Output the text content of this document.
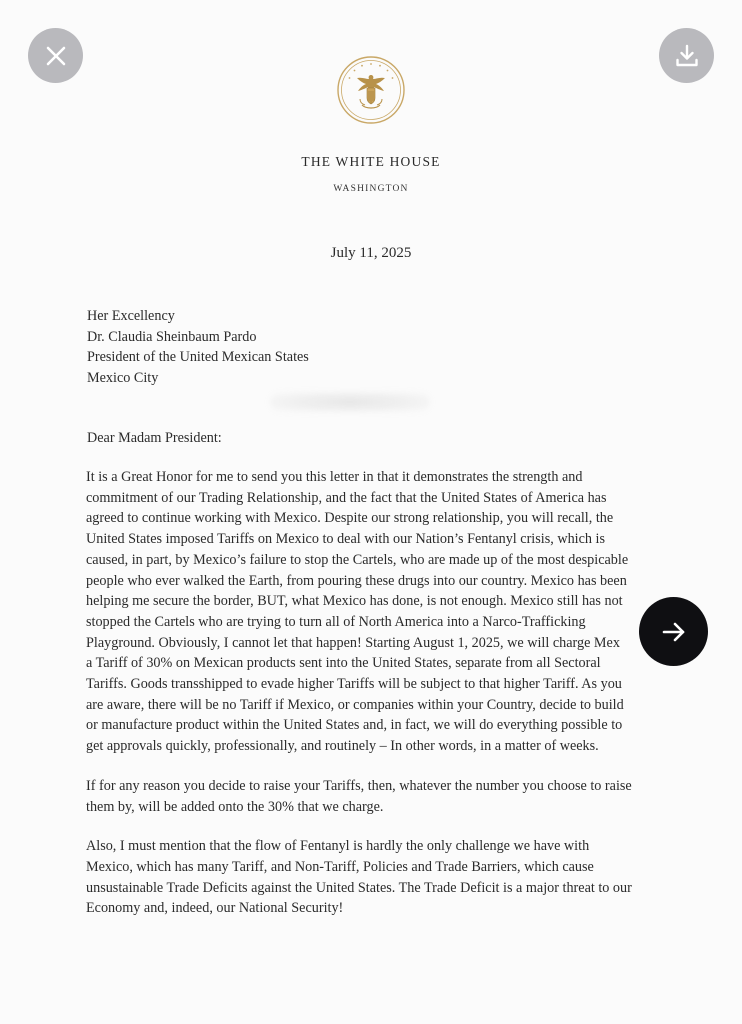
THE WHITE HOUSE
WASHINGTON
July 11, 2025
Her Excellency
Dr. Claudia Sheinbaum Pardo
President of the United Mexican States
Mexico City
Dear Madam President:

It is a Great Honor for me to send you this letter in that it demonstrates the strength and
commitment of our Trading Relationship, and the fact that the United States of America has
agreed to continue working with Mexico. Despite our strong relationship, you will recall, the
United States imposed Tariffs on Mexico to deal with our Nation’s Fentanyl crisis, which is
caused, in part, by Mexico’s failure to stop the Cartels, who are made up of the most despicable
people who ever walked the Earth, from pouring these drugs into our country. Mexico has been
helping me secure the border, BUT, what Mexico has done, is not enough. Mexico still has not
stopped the Cartels who are trying to turn all of North America into a Narco-Trafficking
Playground. Obviously, I cannot let that happen! Starting August 1, 2025, we will charge Mex
a Tariff of 30% on Mexican products sent into the United States, separate from all Sectoral
Tariffs. Goods transshipped to evade higher Tariffs will be subject to that higher Tariff. As you
are aware, there will be no Tariff if Mexico, or companies within your Country, decide to build
or manufacture product within the United States and, in fact, we will do everything possible to
get approvals quickly, professionally, and routinely – In other words, in a matter of weeks.

If for any reason you decide to raise your Tariffs, then, whatever the number you choose to raise
them by, will be added onto the 30% that we charge.

Also, I must mention that the flow of Fentanyl is hardly the only challenge we have with
Mexico, which has many Tariff, and Non-Tariff, Policies and Trade Barriers, which cause
unsustainable Trade Deficits against the United States. The Trade Deficit is a major threat to our
Economy and, indeed, our National Security!
